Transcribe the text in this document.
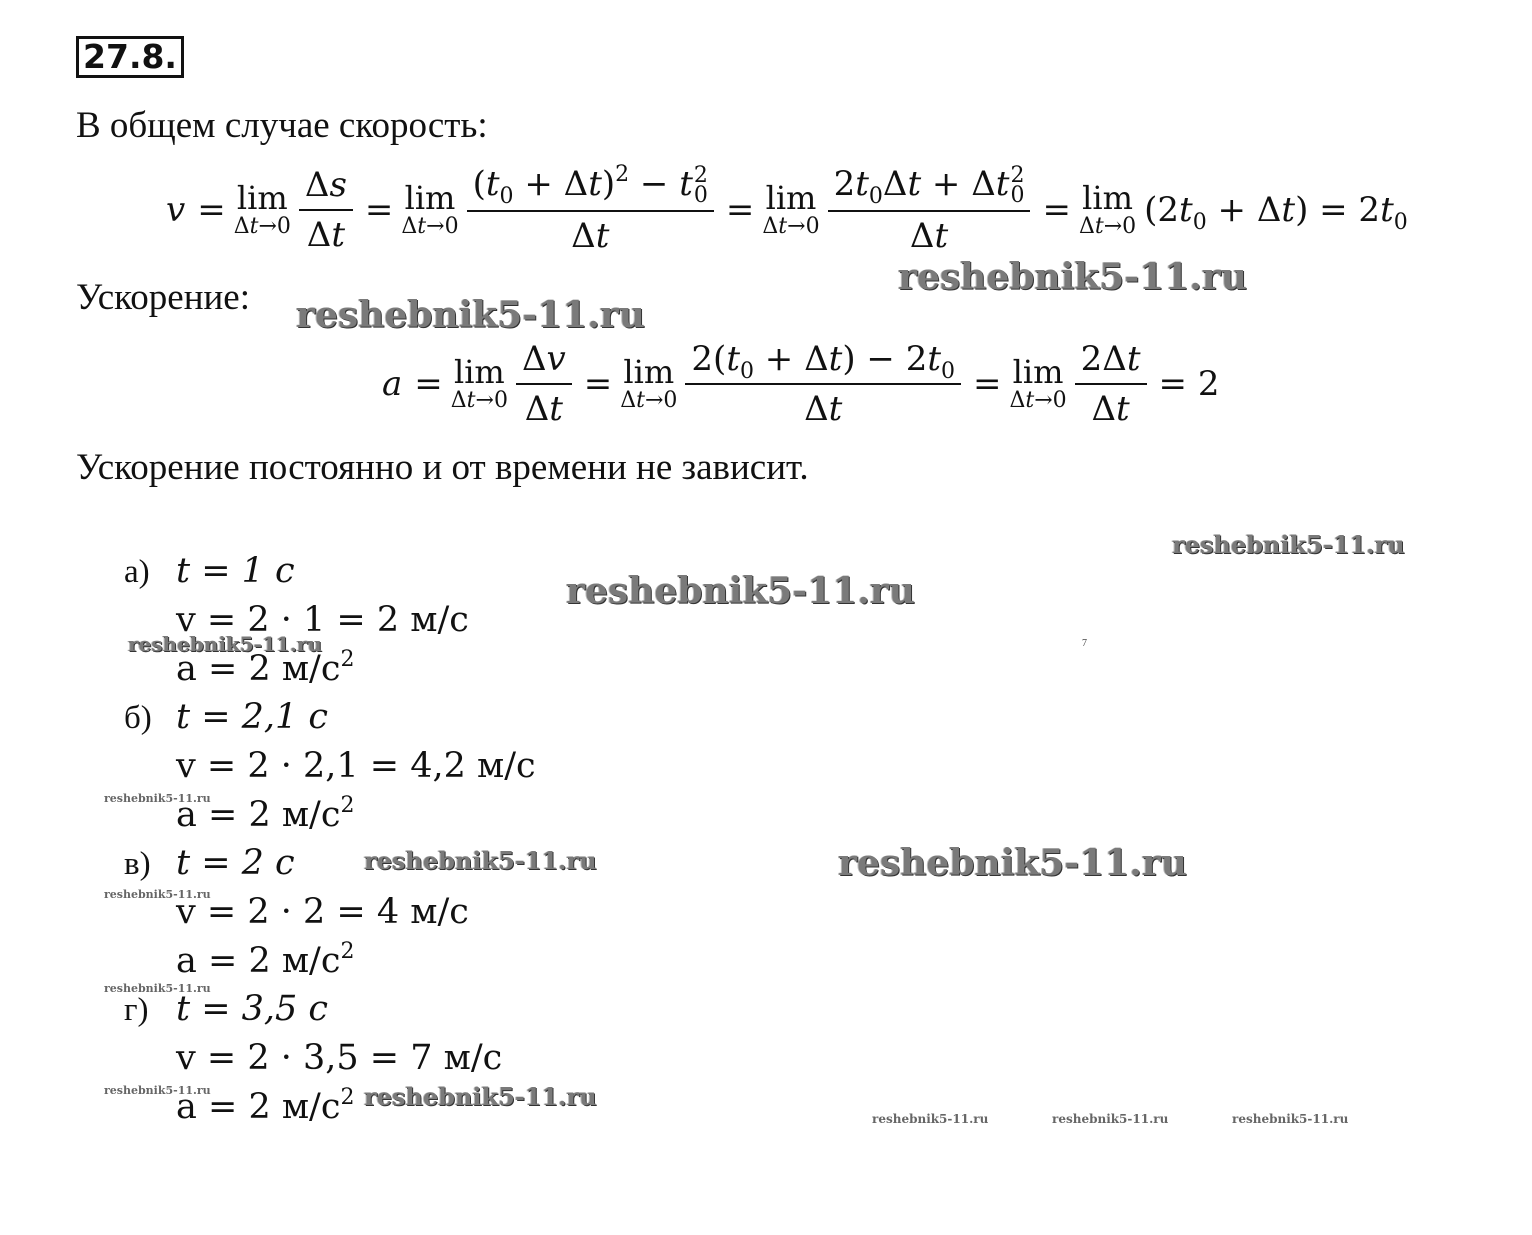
27.8.
В общем случае скорость:
v = lim
$\Delta t\to 0 \frac{\Delta s}{\Delta t} = \lim$
Δt→0 $(t_0 + \Delta t)^2 - t$ 2
0
Δt = lim
Δt→0 $2t_0\Delta t + \Delta t$ 2
0
Δt = lim
Δt→0 $(2t_0 + \Delta t) = 2t_0$
Ускорение:
a = lim
$\Delta t\to 0 \frac{\Delta v}{\Delta t} = \lim$
$\Delta t\to 0 \frac{2(t_0 + \Delta t) - 2t_0}{\Delta t} = \lim$
$\Delta t\to 0 \frac{2\Delta t}{\Delta t} = 2$
Ускорение постоянно и от времени не зависит.
а) t = 1 с
v = 2 · 1 = 2 м/с
a = 2 $м/с^2$
б) t = 2,1 с
v = 2 · 2,1 = 4,2 м/с
a = 2 $м/с^2$
в) t = 2 с
v = 2 · 2 = 4 м/с
a = 2 $м/с^2$
г) t = 3,5 с
v = 2 · 3,5 = 7 м/с
a = 2 $м/с^2$
reshebnik5-11.ru
reshebnik5-11.ru
reshebnik5-11.ru
reshebnik5-11.ru
reshebnik5-11.ru
reshebnik5-11.ru	reshebnik5-11.ru
reshebnik5-11.ru
reshebnik5-11.ru
reshebnik5-11.ru
reshebnik5-11.ru
reshebnik5-11.ru
reshebnik5-11.ru	reshebnik5-11.ru	reshebnik5-11.ru
7
